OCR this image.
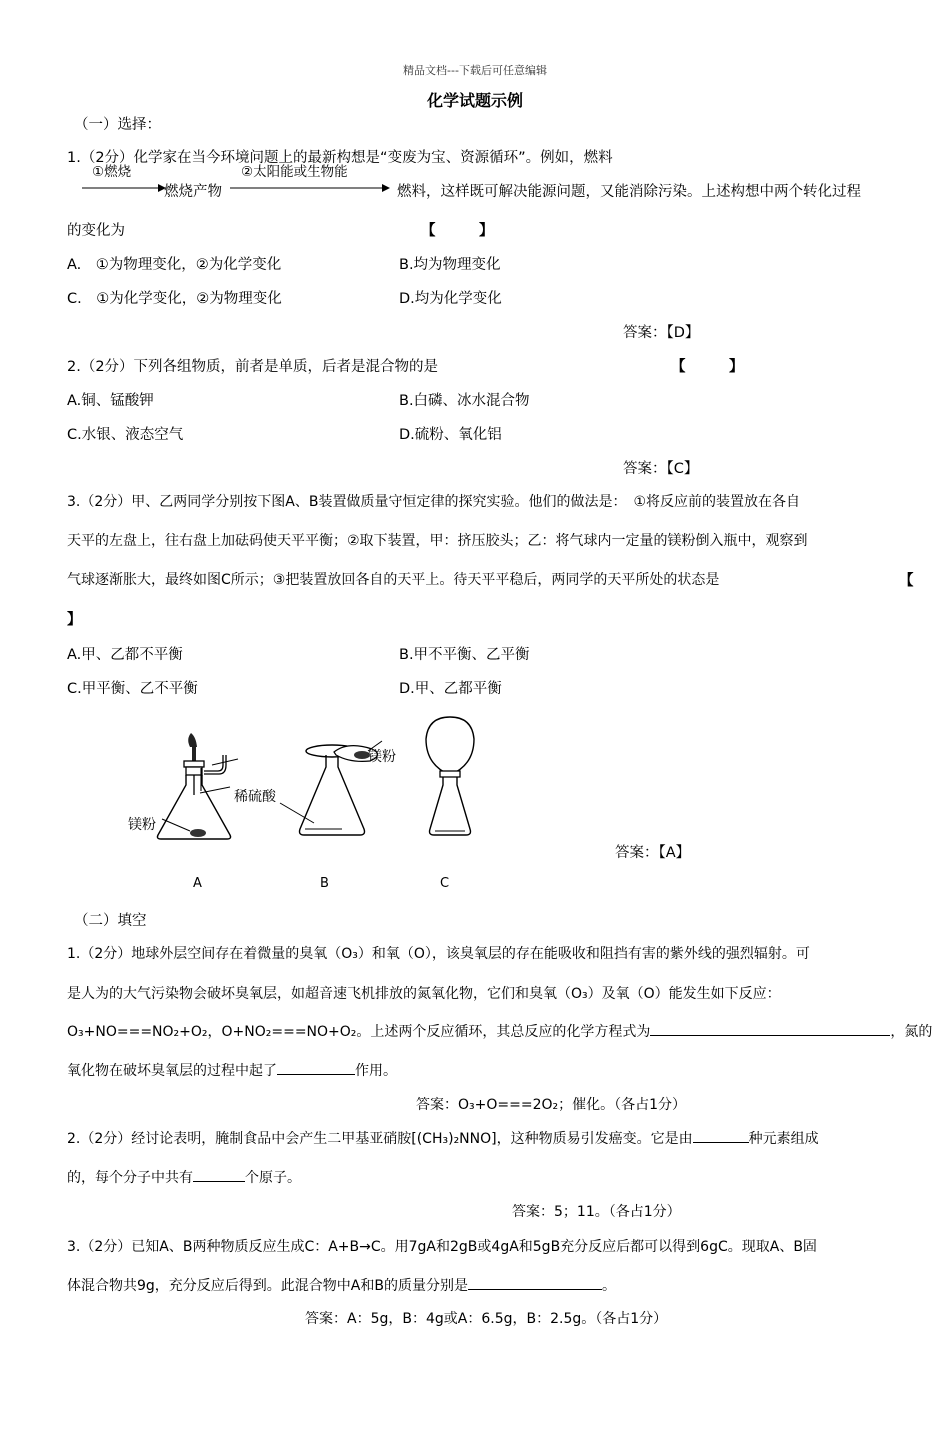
精品文档---下载后可任意编辑
化学试题示例
（一）选择：
1.（2分）化学家在当今环境问题上的最新构想是“变废为宝、资源循环”。例如，燃料
①燃烧	②太阳能或生物能
燃烧产物	燃料，这样既可解决能源问题，又能消除污染。上述构想中两个转化过程
的变化为	【　　　】
A.　①为物理变化，②为化学变化	B.均为物理变化
C.　①为化学变化，②为物理变化	D.均为化学变化
答案：【D】
2.（2分）下列各组物质，前者是单质，后者是混合物的是	【　　　】
A.铜、锰酸钾	B.白磷、冰水混合物
C.水银、液态空气	D.硫粉、氧化铝
答案：【C】
3.（2分）甲、乙两同学分别按下图A、B装置做质量守恒定律的探究实验。他们的做法是：　①将反应前的装置放在各自
天平的左盘上，往右盘上加砝码使天平平衡；②取下装置，甲：挤压胶头；乙：将气球内一定量的镁粉倒入瓶中，观察到
气球逐渐胀大，最终如图C所示；③把装置放回各自的天平上。待天平平稳后，两同学的天平所处的状态是	【
】
A.甲、乙都不平衡	B.甲不平衡、乙平衡
C.甲平衡、乙不平衡	D.甲、乙都平衡
镁粉
稀硫酸
镁粉
A	B	C
答案：【A】
（二）填空
1.（2分）地球外层空间存在着微量的臭氧（O₃）和氧（O），该臭氧层的存在能吸收和阻挡有害的紫外线的强烈辐射。可
是人为的大气污染物会破坏臭氧层，如超音速飞机排放的氮氧化物，它们和臭氧（O₃）及氧（O）能发生如下反应：
O₃+NO===NO₂+O₂，O+NO₂===NO+O₂。上述两个反应循环，其总反应的化学方程式为	，氮的
氧化物在破坏臭氧层的过程中起了	作用。
答案：O₃+O===2O₂；催化。（各占1分）
2.（2分）经讨论表明，腌制食品中会产生二甲基亚硝胺[(CH₃)₂NNO]，这种物质易引发癌变。它是由	种元素组成
的，每个分子中共有	个原子。
答案：5；11。（各占1分）
3.（2分）已知A、B两种物质反应生成C：A+B→C。用7gA和2gB或4gA和5gB充分反应后都可以得到6gC。现取A、B固
体混合物共9g，充分反应后得到。此混合物中A和B的质量分别是	。
答案：A：5g，B：4g或A：6.5g，B：2.5g。（各占1分）
